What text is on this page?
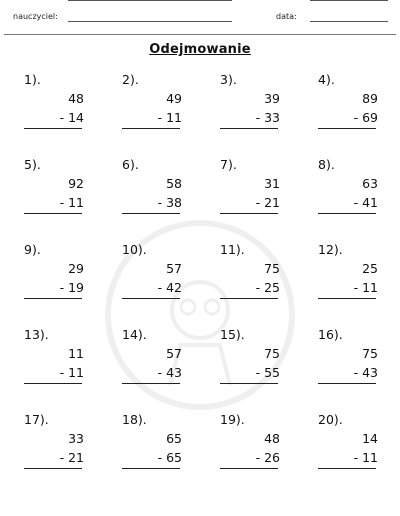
nauczyciel:	data:
Odejmowanie
1).
48
- 14
2).
49
- 11
3).
39
- 33
4).
89
- 69
5).
92
- 11
6).
58
- 38
7).
31
- 21
8).
63
- 41
9).
29
- 19
10).
57
- 42
11).
75
- 25
12).
25
- 11
13).
11
- 11
14).
57
- 43
15).
75
- 55
16).
75
- 43
17).
33
- 21
18).
65
- 65
19).
48
- 26
20).
14
- 11
